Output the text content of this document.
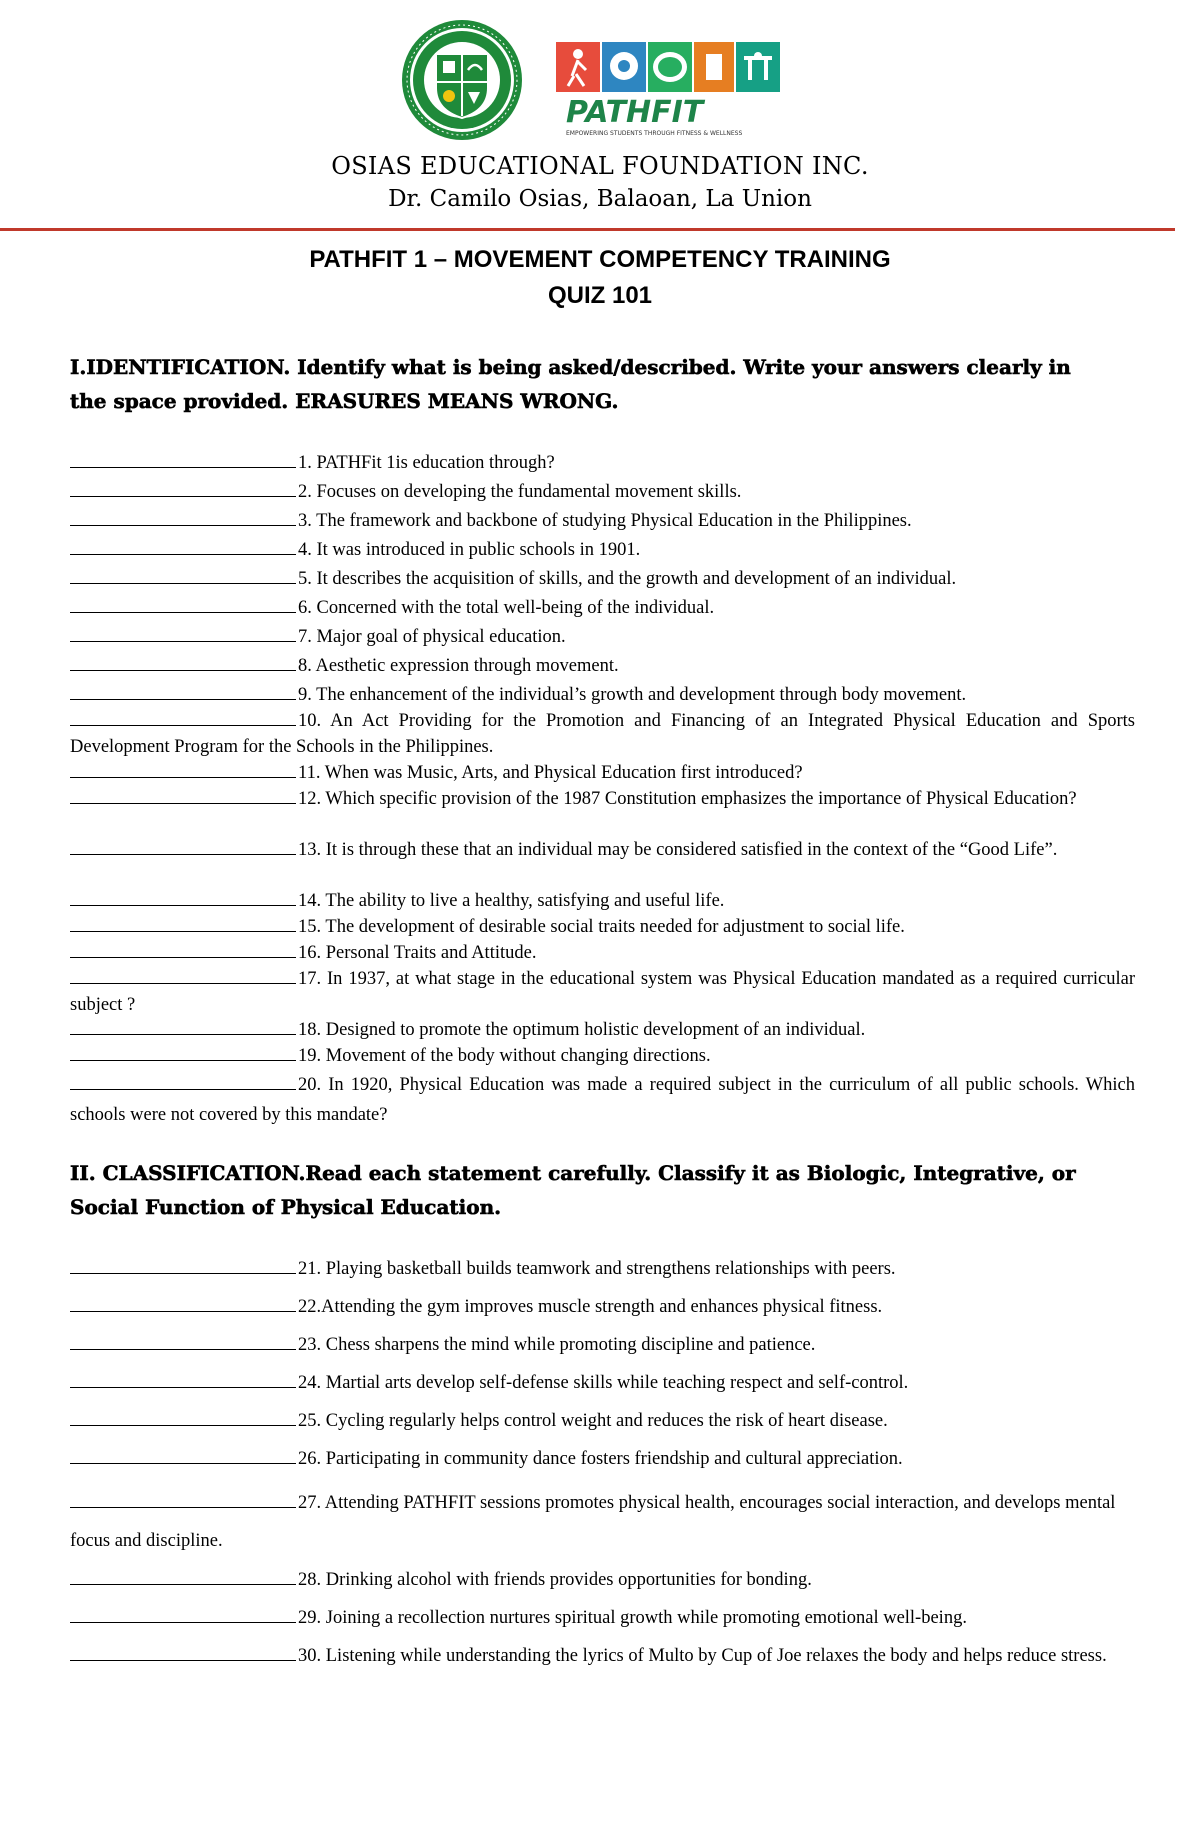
PATHFIT
EMPOWERING STUDENTS THROUGH FITNESS & WELLNESS
OSIAS EDUCATIONAL FOUNDATION INC.
Dr. Camilo Osias, Balaoan, La Union
PATHFIT 1 – MOVEMENT COMPETENCY TRAINING
QUIZ 101
I.IDENTIFICATION. Identify what is being asked/described. Write your answers clearly in the space provided. ERASURES MEANS WRONG.
1. PATHFit 1is education through?
2. Focuses on developing the fundamental movement skills.
3. The framework and backbone of studying Physical Education in the Philippines.
4. It was introduced in public schools in 1901.
5. It describes the acquisition of skills, and the growth and development of an individual.
6. Concerned with the total well-being of the individual.
7. Major goal of physical education.
8. Aesthetic expression through movement.
9. The enhancement of the individual’s growth and development through body movement.
10. An Act Providing for the Promotion and Financing of an Integrated Physical Education and Sports Development Program for the Schools in the Philippines.
11. When was Music, Arts, and Physical Education first introduced?
12. Which specific provision of the 1987 Constitution emphasizes the importance of Physical Education?
13. It is through these that an individual may be considered satisfied in the context of the “Good Life”.
14. The ability to live a healthy, satisfying and useful life.
15. The development of desirable social traits needed for adjustment to social life.
16. Personal Traits and Attitude.
17. In 1937, at what stage in the educational system was Physical Education mandated as a required curricular subject ?
18. Designed to promote the optimum holistic development of an individual.
19. Movement of the body without changing directions.
20. In 1920, Physical Education was made a required subject in the curriculum of all public schools. Which schools were not covered by this mandate?
II. CLASSIFICATION.Read each statement carefully. Classify it as Biologic, Integrative, or Social Function of Physical Education.
21. Playing basketball builds teamwork and strengthens relationships with peers.
22.Attending the gym improves muscle strength and enhances physical fitness.
23. Chess sharpens the mind while promoting discipline and patience.
24. Martial arts develop self-defense skills while teaching respect and self-control.
25. Cycling regularly helps control weight and reduces the risk of heart disease.
26. Participating in community dance fosters friendship and cultural appreciation.
27. Attending PATHFIT sessions promotes physical health, encourages social interaction, and develops mental focus and discipline.
28. Drinking alcohol with friends provides opportunities for bonding.
29. Joining a recollection nurtures spiritual growth while promoting emotional well-being.
30. Listening while understanding the lyrics of Multo by Cup of Joe relaxes the body and helps reduce stress.
